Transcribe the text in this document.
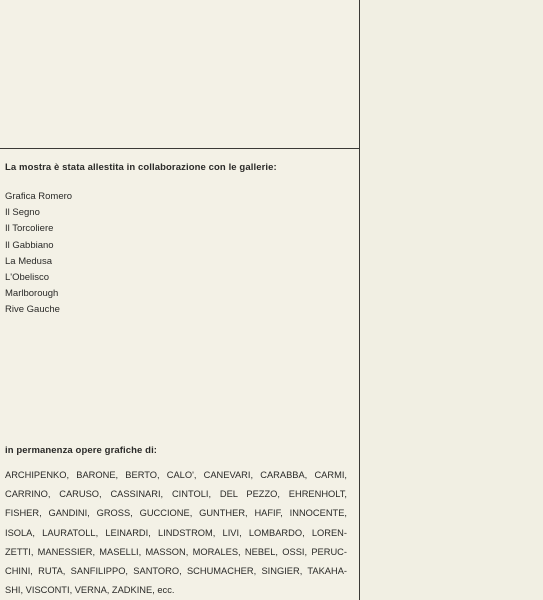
La mostra è stata allestita in collaborazione con le gallerie:
Grafica Romero
Il Segno
Il Torcoliere
Il Gabbiano
La Medusa
L'Obelisco
Marlborough
Rive Gauche
in permanenza opere grafiche di:
ARCHIPENKO, BARONE, BERTO, CALO', CANEVARI, CARABBA, CARMI,
CARRINO, CARUSO, CASSINARI, CINTOLI, DEL PEZZO, EHRENHOLT,
FISHER, GANDINI, GROSS, GUCCIONE, GUNTHER, HAFIF, INNOCENTE,
ISOLA, LAURATOLL, LEINARDI, LINDSTROM, LIVI, LOMBARDO, LOREN-
ZETTI, MANESSIER, MASELLI, MASSON, MORALES, NEBEL, OSSI, PERUC-
CHINI, RUTA, SANFILIPPO, SANTORO, SCHUMACHER, SINGIER, TAKAHA-
SHI, VISCONTI, VERNA, ZADKINE, ecc.
